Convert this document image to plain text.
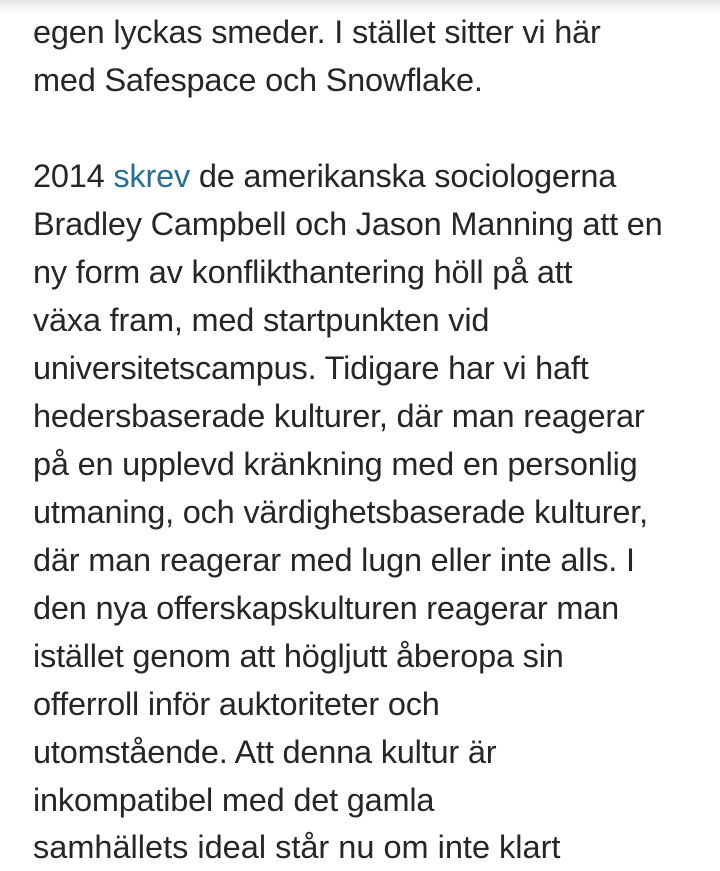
egen lyckas smeder. I stället sitter vi här
med Safespace och Snowflake.
2014 skrev de amerikanska sociologerna
Bradley Campbell och Jason Manning att en
ny form av konflikthantering höll på att
växa fram, med startpunkten vid
universitetscampus. Tidigare har vi haft
hedersbaserade kulturer, där man reagerar
på en upplevd kränkning med en personlig
utmaning, och värdighetsbaserade kulturer,
där man reagerar med lugn eller inte alls. I
den nya offerskapskulturen reagerar man
istället genom att högljutt åberopa sin
offerroll inför auktoriteter och
utomstående. Att denna kultur är
inkompatibel med det gamla
samhällets ideal står nu om inte klart
